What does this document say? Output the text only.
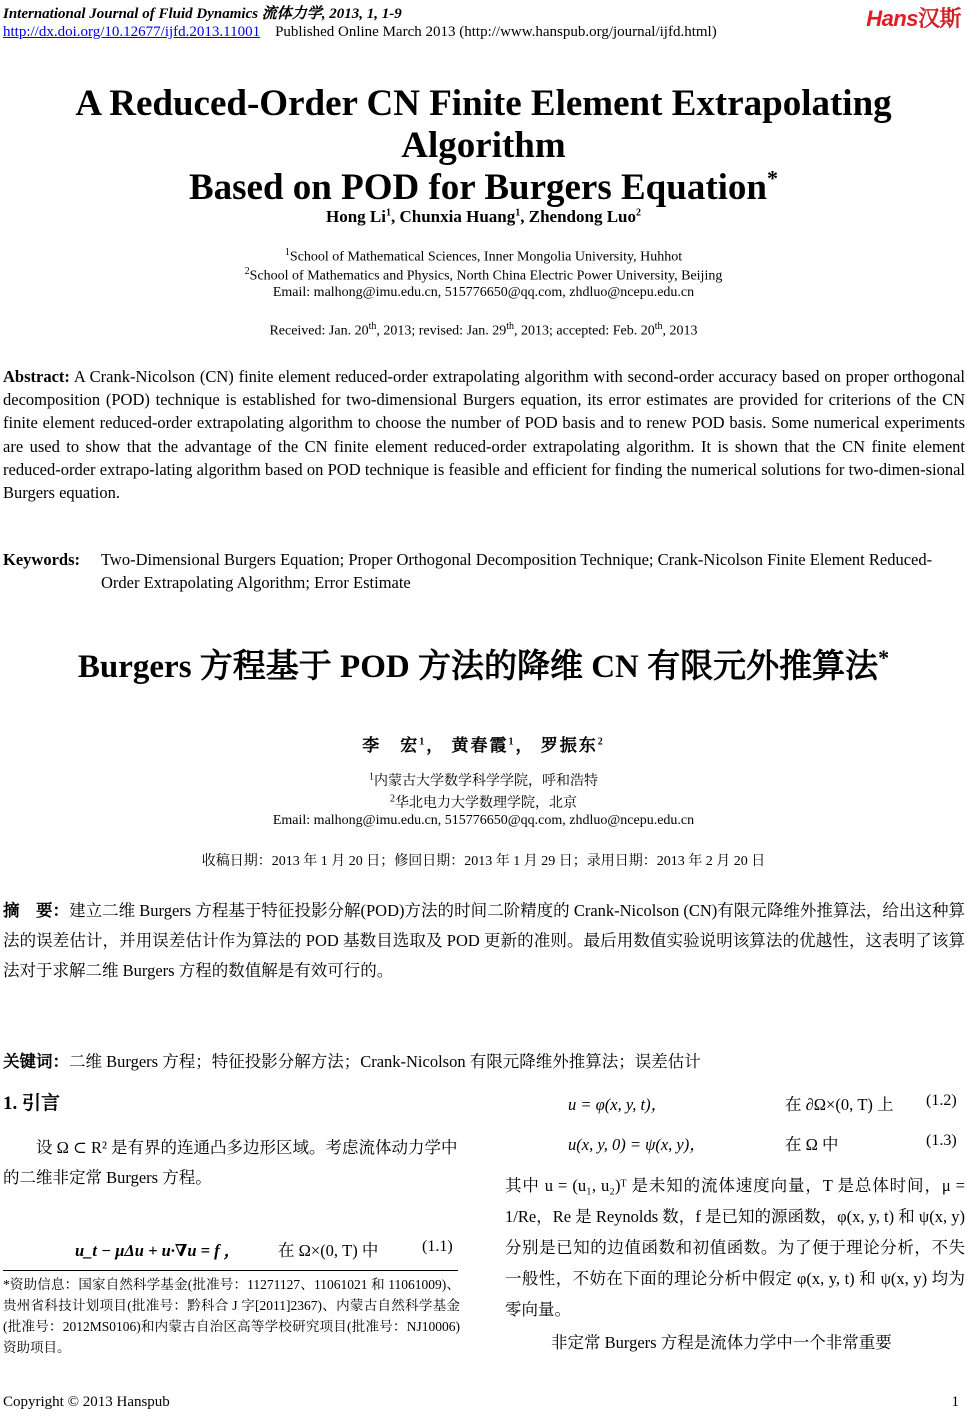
International Journal of Fluid Dynamics 流体力学, 2013, 1, 1-9
http://dx.doi.org/10.12677/ijfd.2013.11001 Published Online March 2013 (http://www.hanspub.org/journal/ijfd.html)
Hans汉斯
A Reduced-Order CN Finite Element Extrapolating Algorithm
Based on POD for Burgers Equation*
Hong Li$^1$, Chunxia Huang$^1$, Zhendong Luo$^2$
$^1$School of Mathematical Sciences, Inner Mongolia University, Huhhot
$^2$School of Mathematics and Physics, North China Electric Power University, Beijing
Email: malhong@imu.edu.cn, 515776650@qq.com, zhdluo@ncepu.edu.cn
Received: Jan. 20th, 2013; revised: Jan. 29th, 2013; accepted: Feb. 20th, 2013
Abstract: A Crank-Nicolson (CN) finite element reduced-order extrapolating algorithm with second-order accuracy based on proper orthogonal decomposition (POD) technique is established for two-dimensional Burgers equation, its error estimates are provided for criterions of the CN finite element reduced-order extrapolating algorithm to choose the number of POD basis and to renew POD basis. Some numerical experiments are used to show that the advantage of the CN finite element reduced-order extrapolating algorithm. It is shown that the CN finite element reduced-order extrapo-lating algorithm based on POD technique is feasible and efficient for finding the numerical solutions for two-dimen-sional Burgers equation.
Keywords: Two-Dimensional Burgers Equation; Proper Orthogonal Decomposition Technique; Crank-Nicolson Finite Element Reduced-Order Extrapolating Algorithm; Error Estimate
Burgers 方程基于 POD 方法的降维 CN 有限元外推算法*
李　宏$^1$， 黄春霞$^1$， 罗振东$^2$
$^1$内蒙古大学数学科学学院，呼和浩特
$^2$华北电力大学数理学院，北京
Email: malhong@imu.edu.cn, 515776650@qq.com, zhdluo@ncepu.edu.cn
收稿日期：2013 年 1 月 20 日；修回日期：2013 年 1 月 29 日；录用日期：2013 年 2 月 20 日
摘　要：建立二维 Burgers 方程基于特征投影分解(POD)方法的时间二阶精度的 Crank-Nicolson (CN)有限元降维外推算法，给出这种算法的误差估计，并用误差估计作为算法的 POD 基数目选取及 POD 更新的准则。最后用数值实验说明该算法的优越性，这表明了该算法对于求解二维 Burgers 方程的数值解是有效可行的。
关键词：二维 Burgers 方程；特征投影分解方法；Crank-Nicolson 有限元降维外推算法；误差估计
1. 引言
设 Ω ⊂ R² 是有界的连通凸多边形区域。考虑流体动力学中的二维非定常 Burgers 方程。
u_t − μΔu + u·∇u = f ， 在 Ω×(0, T) 中	(1.1)
u = φ(x, y, t)，	在 ∂Ω×(0, T) 上 (1.2)
u(x, y, 0) = ψ(x, y)，	在 Ω 中	(1.3)
其中 u = (u₁, u₂)ᵀ 是未知的流体速度向量，T 是总体时间，μ = 1/Re，Re 是 Reynolds 数，f 是已知的源函数，φ(x, y, t) 和 ψ(x, y) 分别是已知的边值函数和初值函数。为了便于理论分析，不失一般性，不妨在下面的理论分析中假定 φ(x, y, t) 和 ψ(x, y) 均为零向量。
非定常 Burgers 方程是流体力学中一个非常重要
*资助信息：国家自然科学基金(批准号：11271127、11061021 和 11061009)、贵州省科技计划项目(批准号：黔科合 J 字[2011]2367)、内蒙古自然科学基金(批准号：2012MS0106)和内蒙古自治区高等学校研究项目(批准号：NJ10006)资助项目。
Copyright © 2013 Hanspub	1
